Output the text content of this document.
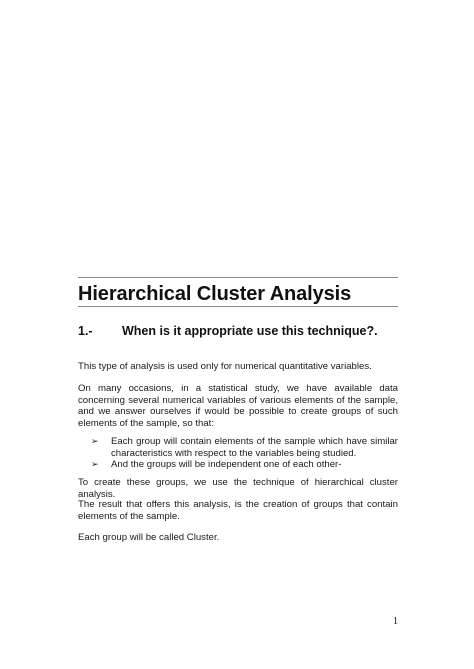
Hierarchical Cluster Analysis
1.- When is it appropriate use this technique?.
This type of analysis is used only for numerical quantitative variables.
On many occasions, in a statistical study, we have available data concerning several numerical variables of various elements of the sample, and we answer ourselves if would be possible to create groups of such elements of the sample, so that:
➢ Each group will contain elements of the sample which have similar characteristics with respect to the variables being studied.
➢ And the groups will be independent one of each other-
To create these groups, we use the technique of hierarchical cluster analysis.
The result that offers this analysis, is the creation of groups that contain elements of the sample.
Each group will be called Cluster.
1
